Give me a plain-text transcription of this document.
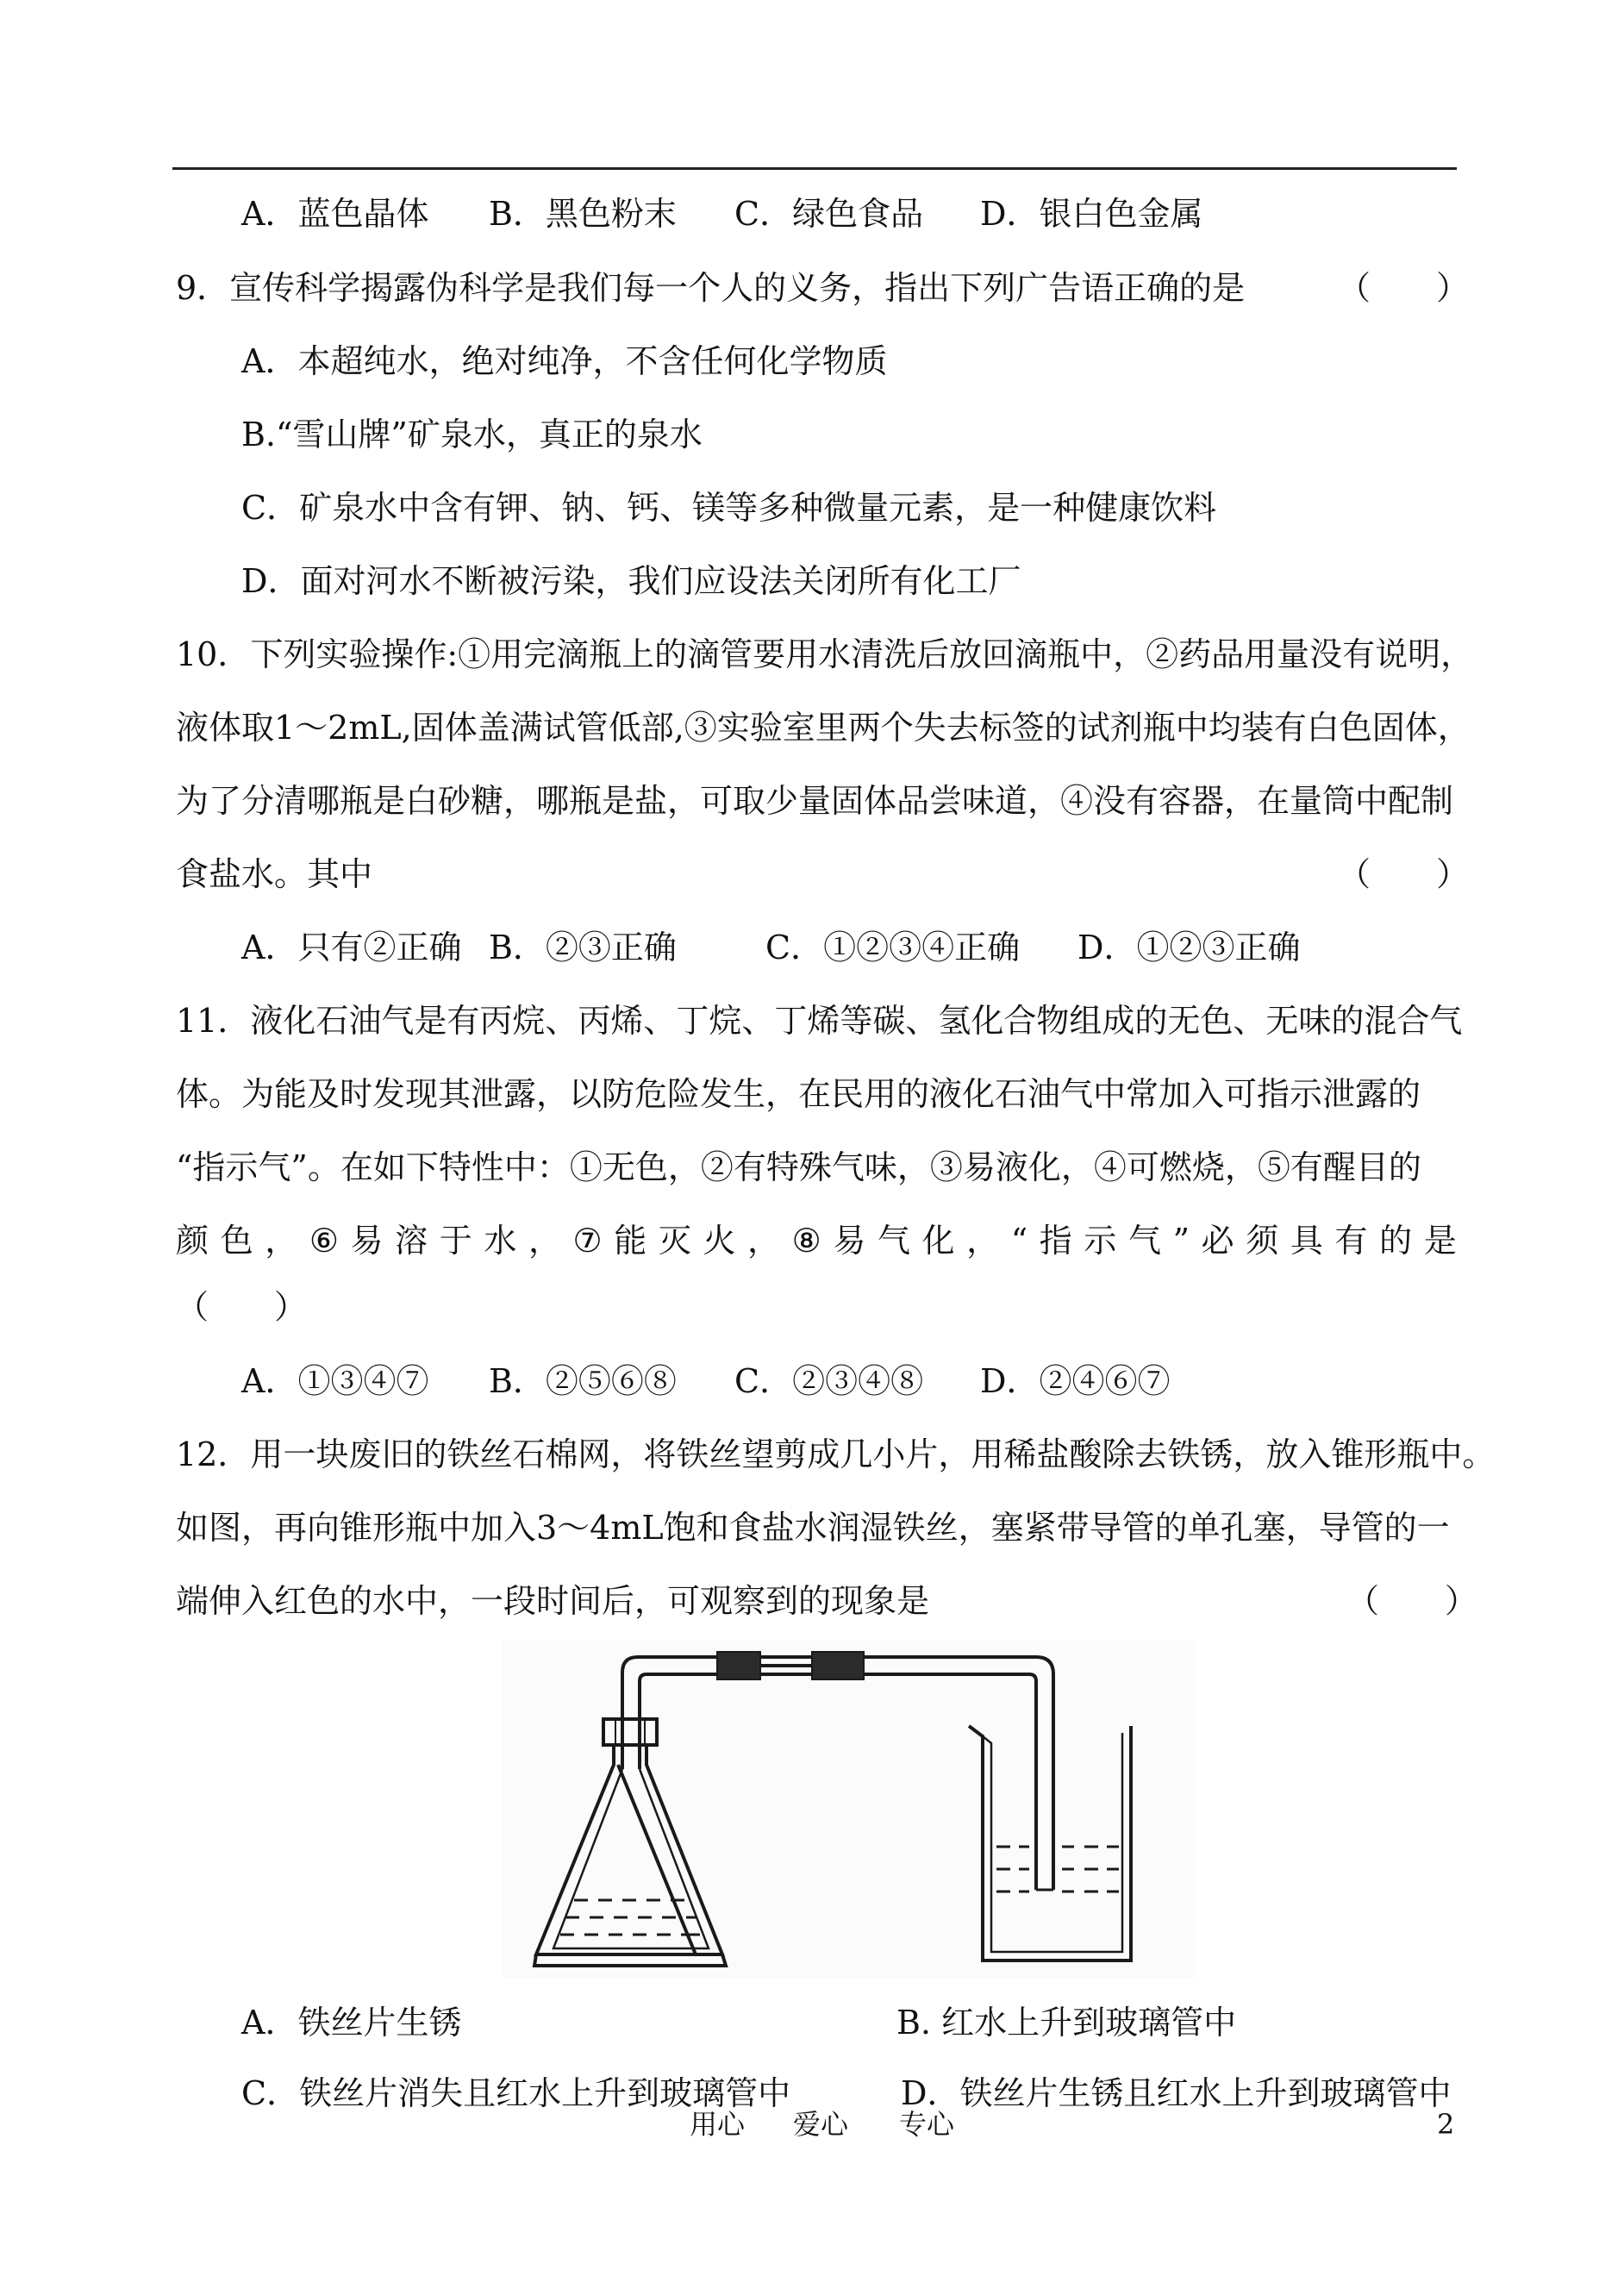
A．蓝色晶体 B．黑色粉末 C．绿色食品 D．银白色金属
9．宣传科学揭露伪科学是我们每一个人的义务，指出下列广告语正确的是	（　　）
A．本超纯水，绝对纯净，不含任何化学物质
B.“雪山牌”矿泉水，真正的泉水
C．矿泉水中含有钾、钠、钙、镁等多种微量元素，是一种健康饮料
D．面对河水不断被污染，我们应设法关闭所有化工厂
10．下列实验操作:①用完滴瓶上的滴管要用水清洗后放回滴瓶中，②药品用量没有说明，
液体取1～2mL,固体盖满试管低部,③实验室里两个失去标签的试剂瓶中均装有白色固体，
为了分清哪瓶是白砂糖，哪瓶是盐，可取少量固体品尝味道，④没有容器，在量筒中配制
食盐水。其中	（　　）
A．只有②正确 B．②③正确	C．①②③④正确 D．①②③正确
11．液化石油气是有丙烷、丙烯、丁烷、丁烯等碳、氢化合物组成的无色、无味的混合气
体。为能及时发现其泄露，以防危险发生，在民用的液化石油气中常加入可指示泄露的
“指示气”。在如下特性中：①无色，②有特殊气味，③易液化，④可燃烧，⑤有醒目的
颜 色 ， ⑥ 易 溶 于 水 ， ⑦ 能 灭 火 ， ⑧ 易 气 化 ， “ 指 示 气 ” 必 须 具 有 的 是
（　　）
A．①③④⑦ B．②⑤⑥⑧ C．②③④⑧ D．②④⑥⑦
12．用一块废旧的铁丝石棉网，将铁丝望剪成几小片，用稀盐酸除去铁锈，放入锥形瓶中。
如图，再向锥形瓶中加入3～4mL饱和食盐水润湿铁丝，塞紧带导管的单孔塞，导管的一
端伸入红色的水中，一段时间后，可观察到的现象是	（　　）
A．铁丝片生锈	B. 红水上升到玻璃管中
C．铁丝片消失且红水上升到玻璃管中	D．铁丝片生锈且红水上升到玻璃管中
用心 爱心 专心	2
